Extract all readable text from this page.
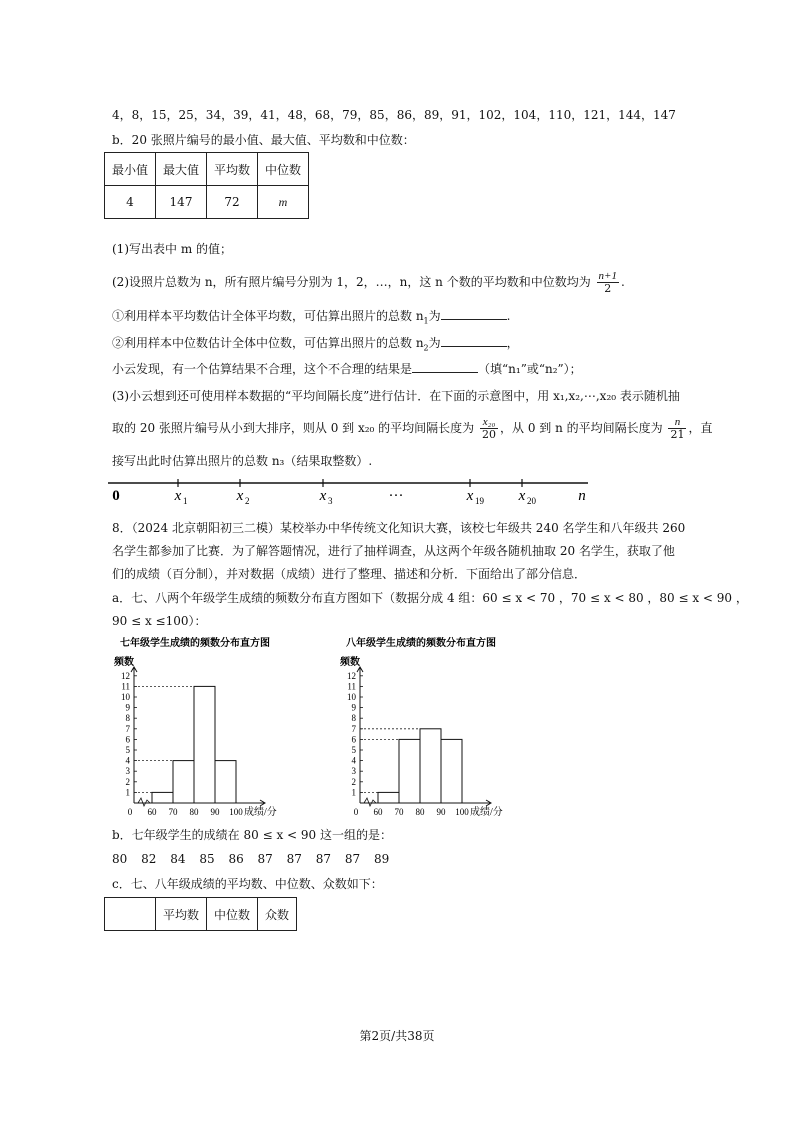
4，8，15，25，34，39，41，48，68，79，85，86，89，91，102，104，110，121，144，147
b．20 张照片编号的最小值、最大值、平均数和中位数：
最小值	最大值	平均数	中位数
4	147	72	m
(1)写出表中 m 的值；
(2)设照片总数为 n，所有照片编号分别为 1，2，…，n，这 n 个数的平均数和中位数均为 $\frac{n+1}{2}$ .
①利用样本平均数估计全体平均数，可估算出照片的总数 $n_1$为	.
②利用样本中位数估计全体中位数，可估算出照片的总数 $n_2$为	，
小云发现，有一个估算结果不合理，这个不合理的结果是	（填“n₁”或“n₂”）；
(3)小云想到还可使用样本数据的“平均间隔长度”进行估计．在下面的示意图中，用 x₁,x₂,⋯,x₂₀ 表示随机抽
取的 20 张照片编号从小到大排序，则从 0 到 x₂₀ 的平均间隔长度为 $\frac{\text{x₂₀}}{20}$ ，从 0 到 n 的平均间隔长度为 $\frac{n}{21}$ ，直
接写出此时估算出照片的总数 n₃（结果取整数）.
0	x 1	x 2	x 3	···	x 19 x 20	n
8．（2024 北京朝阳初三二模）某校举办中华传统文化知识大赛，该校七年级共 240 名学生和八年级共 260
名学生都参加了比赛．为了解答题情况，进行了抽样调查，从这两个年级各随机抽取 20 名学生，获取了他
们的成绩（百分制），并对数据（成绩）进行了整理、描述和分析．下面给出了部分信息．
a．七、八两个年级学生成绩的频数分布直方图如下（数据分成 4 组：60 ≤ x < 70 ，70 ≤ x < 80 ，80 ≤ x < 90 ，
90 ≤ x ≤100）：
七年级学生成绩的频数分布直方图
频数
1
2
3
4
5
6
7
8
9
10
11
12
0 60 70 80 90 100 成绩/分
八年级学生成绩的频数分布直方图
频数
1
2
3
4
5
6
7
8
9
10
11
12
0 60 70 80 90 100 成绩/分
b．七年级学生的成绩在 80 ≤ x < 90 这一组的是：
80 82 84 85 86 87 87 87 87 89
c．七、八年级成绩的平均数、中位数、众数如下：
	平均数	中位数	众数
第2页/共38页
